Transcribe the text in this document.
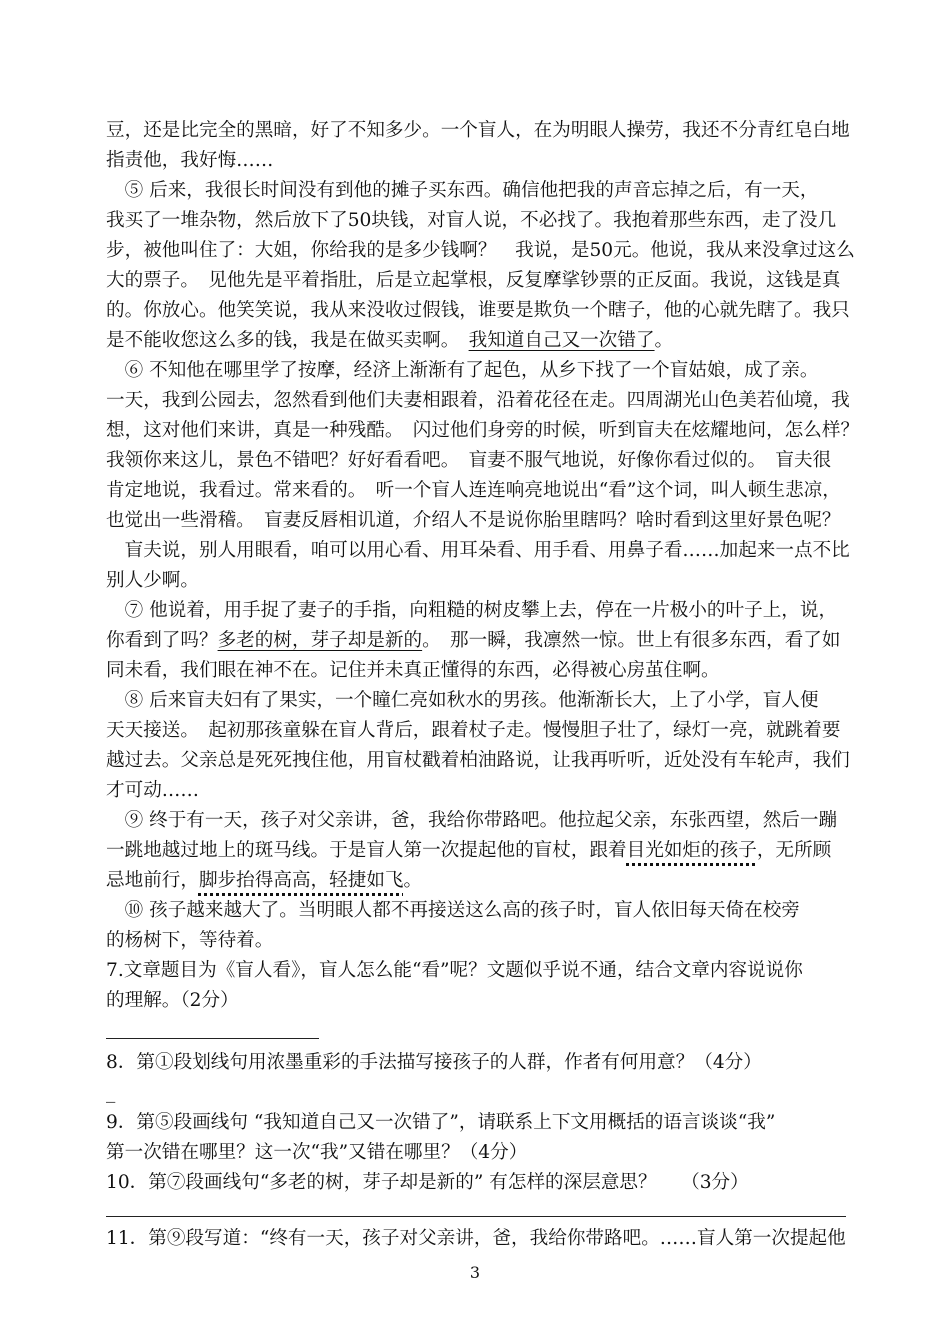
豆，还是比完全的黑暗，好了不知多少。一个盲人，在为明眼人操劳，我还不分青红皂白地
指责他，我好悔……
　⑤ 后来，我很长时间没有到他的摊子买东西。确信他把我的声音忘掉之后，有一天，
我买了一堆杂物，然后放下了50块钱，对盲人说，不必找了。我抱着那些东西，走了没几
步，被他叫住了：大姐，你给我的是多少钱啊？　我说，是50元。他说，我从来没拿过这么
大的票子。　见他先是平着指肚，后是立起掌根，反复摩挲钞票的正反面。我说，这钱是真
的。你放心。他笑笑说，我从来没收过假钱，谁要是欺负一个瞎子，他的心就先瞎了。我只
是不能收您这么多的钱，我是在做买卖啊。　 我知道自己又一次错了。
　⑥ 不知他在哪里学了按摩，经济上渐渐有了起色，从乡下找了一个盲姑娘，成了亲。
一天，我到公园去，忽然看到他们夫妻相跟着，沿着花径在走。四周湖光山色美若仙境，我
想，这对他们来讲，真是一种残酷。　闪过他们身旁的时候，听到盲夫在炫耀地问，怎么样？
我领你来这儿，景色不错吧？好好看看吧。　盲妻不服气地说，好像你看过似的。　盲夫很
肯定地说，我看过。常来看的。　听一个盲人连连响亮地说出“看”这个词，叫人顿生悲凉，
也觉出一些滑稽。　盲妻反唇相讥道，介绍人不是说你胎里瞎吗？啥时看到这里好景色呢？
　盲夫说，别人用眼看，咱可以用心看、用耳朵看、用手看、用鼻子看……加起来一点不比
别人少啊。
　⑦ 他说着，用手捉了妻子的手指，向粗糙的树皮攀上去，停在一片极小的叶子上，说，
你看到了吗？多老的树，芽子却是新的。　那一瞬，我凛然一惊。世上有很多东西，看了如
同未看，我们眼在神不在。记住并未真正懂得的东西，必得被心房茧住啊。
　⑧ 后来盲夫妇有了果实，一个瞳仁亮如秋水的男孩。他渐渐长大，上了小学，盲人便
天天接送。　起初那孩童躲在盲人背后，跟着杖子走。慢慢胆子壮了，绿灯一亮，就跳着要
越过去。父亲总是死死拽住他，用盲杖戳着柏油路说，让我再听听，近处没有车轮声，我们
才可动……
　⑨ 终于有一天，孩子对父亲讲，爸，我给你带路吧。他拉起父亲，东张西望，然后一蹦
一跳地越过地上的斑马线。于是盲人第一次提起他的盲杖，跟着目光如炬的孩子，无所顾
忌地前行，脚步抬得高高，轻捷如飞。
　⑩ 孩子越来越大了。当明眼人都不再接送这么高的孩子时，盲人依旧每天倚在校旁
的杨树下，等待着。
7.文章题目为《盲人看》，盲人怎么能“看”呢？文题似乎说不通，结合文章内容说说你
的理解。（2分）
8．第①段划线句用浓墨重彩的手法描写接孩子的人群，作者有何用意？（4分）
_
9．第⑤段画线句 “我知道自己又一次错了”，请联系上下文用概括的语言谈谈“我”
第一次错在哪里？这一次“我”又错在哪里？（4分）
10．第⑦段画线句“多老的树，芽子却是新的” 有怎样的深层意思？　 （3分）
11．第⑨段写道：“终有一天，孩子对父亲讲，爸，我给你带路吧。……盲人第一次提起他
3
